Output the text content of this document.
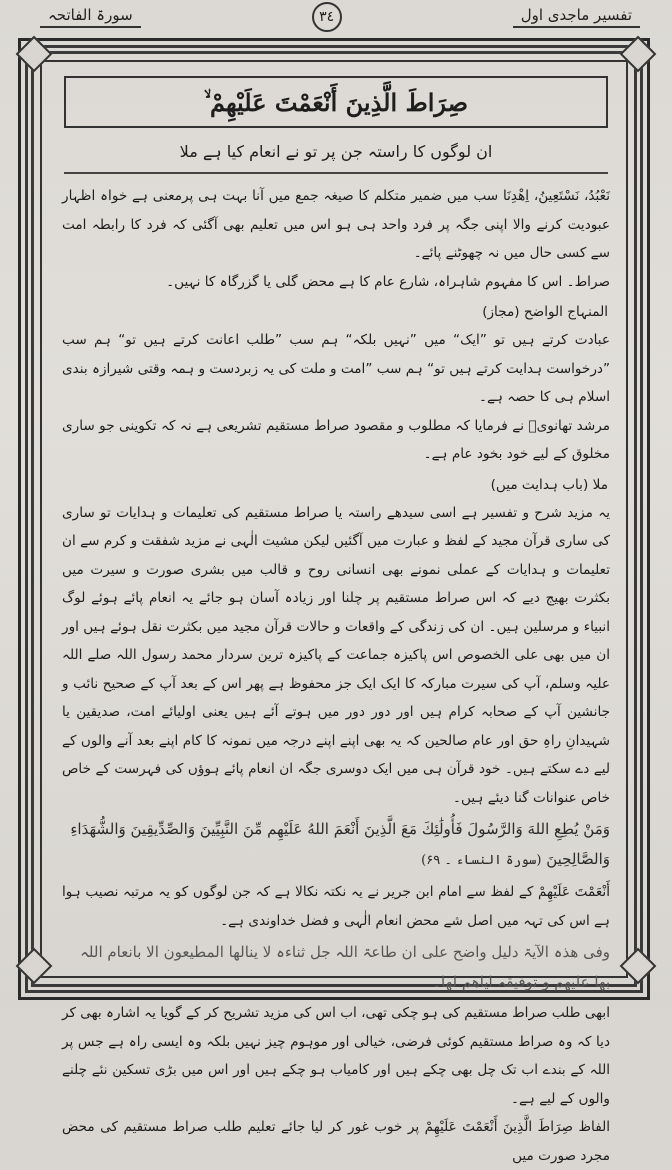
سورۃ الفاتحہ	٣٤	تفسیر ماجدی اول
صِرَاطَ الَّذِينَ أَنْعَمْتَ عَلَيْهِمْ ۙ
ان لوگوں کا راستہ جن پر تو نے انعام کیا ہے ملا

نَعْبُدُ، نَسْتَعِينُ، اِهْدِنَا سب میں ضمیر متکلم کا صیغہ جمع میں آنا بہت ہی پرمعنی ہے خواہ اظہار عبودیت کرنے والا اپنی جگہ پر فرد واحد ہی ہو اس میں تعلیم بھی آگئی کہ فرد کا رابطہ امت سے کسی حال میں نہ چھوٹنے پائے۔

صراط۔ اس کا مفہوم شاہراہ، شارع عام کا ہے محض گلی یا گزرگاہ کا نہیں۔

المنہاج الواضح (مجاز)

عبادت کرتے ہیں تو ”ایک“ میں ”نہیں بلکہ“ ہم سب ”طلب اعانت کرتے ہیں تو“ ہم سب ”درخواست ہدایت کرتے ہیں تو“ ہم سب ”امت و ملت کی یہ زبردست و ہمہ وقتی شیرازہ بندی اسلام ہی کا حصہ ہے۔

مرشد تھانویؒ نے فرمایا کہ مطلوب و مقصود صراط مستقیم تشریعی ہے نہ کہ تکوینی جو ساری مخلوق کے لیے خود بخود عام ہے۔

ملا (باب ہدایت میں)

یہ مزید شرح و تفسیر ہے اسی سیدھے راستہ یا صراط مستقیم کی تعلیمات و ہدایات تو ساری کی ساری قرآن مجید کے لفظ و عبارت میں آگئیں لیکن مشیت الٰہی نے مزید شفقت و کرم سے ان تعلیمات و ہدایات کے عملی نمونے بھی انسانی روح و قالب میں بشری صورت و سیرت میں بکثرت بھیج دیے کہ اس صراط مستقیم پر چلنا اور زیادہ آسان ہو جائے یہ انعام پائے ہوئے لوگ انبیاء و مرسلین ہیں۔ ان کی زندگی کے واقعات و حالات قرآن مجید میں بکثرت نقل ہوئے ہیں اور ان میں بھی علی الخصوص اس پاکیزہ جماعت کے پاکیزہ ترین سردار محمد رسول اللہ صلے اللہ علیہ وسلم، آپ کی سیرت مبارکہ کا ایک ایک جز محفوظ ہے پھر اس کے بعد آپ کے صحیح نائب و جانشین آپ کے صحابہ کرام ہیں اور دور دور میں ہوتے آئے ہیں یعنی اولیائے امت، صدیقین یا شہیدانِ راہِ حق اور عام صالحین کہ یہ بھی اپنے اپنے درجہ میں نمونہ کا کام اپنے بعد آنے والوں کے لیے دے سکتے ہیں۔ خود قرآن ہی میں ایک دوسری جگہ ان انعام پائے ہوؤں کی فہرست کے خاص خاص عنوانات گنا دیئے ہیں۔

وَمَنْ يُطِعِ اللهَ وَالرَّسُولَ فَأُولَٰئِكَ مَعَ الَّذِينَ أَنْعَمَ اللهُ عَلَيْهِم مِّنَ النَّبِيِّينَ وَالصِّدِّيقِينَ وَالشُّهَدَاءِ وَالصَّالِحِينَ (سورۃ النساء ۔ ۶۹)

أَنْعَمْتَ عَلَيْهِمْ کے لفظ سے امام ابن جریر نے یہ نکتہ نکالا ہے کہ جن لوگوں کو یہ مرتبہ نصیب ہوا ہے اس کی تہہ میں اصل شے محض انعام الٰہی و فضل خداوندی ہے۔

وفی ھذہ الآیۃ دلیل واضح علی ان طاعۃ اللہ جل ثناءہ لا ینالھا المطیعون الا بانعام اللہ بھا علیھم و توفیقہ ایاھم لھا۔

ابھی طلب صراط مستقیم کی ہو چکی تھی، اب اس کی مزید تشریح کر کے گویا یہ اشارہ بھی کر دیا کہ وہ صراط مستقیم کوئی فرضی، خیالی اور موہوم چیز نہیں بلکہ وہ ایسی راہ ہے جس پر اللہ کے بندے اب تک چل بھی چکے ہیں اور کامیاب ہو چکے ہیں اور اس میں بڑی تسکین نئے چلنے والوں کے لیے ہے۔

الفاظ صِرَاطَ الَّذِينَ أَنْعَمْتَ عَلَيْهِمْ پر خوب غور کر لیا جائے تعلیم طلب صراط مستقیم کی محض مجرد صورت میں
